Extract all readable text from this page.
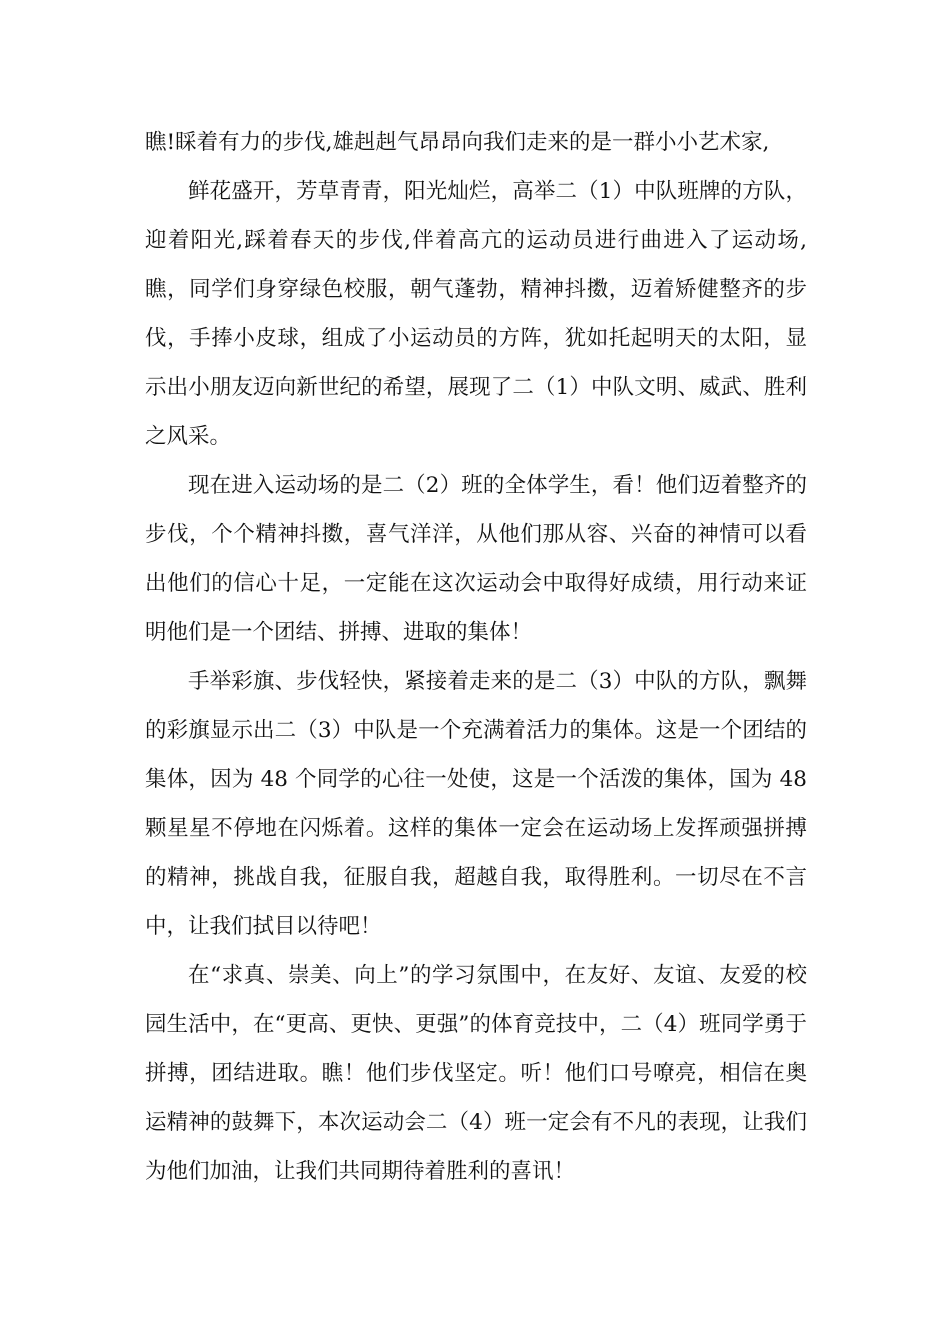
瞧!睬着有力的步伐,雄赳赳气昂昂向我们走来的是一群小小艺术家,

鲜花盛开，芳草青青，阳光灿烂，高举二（1）中队班牌的方队，迎着阳光,踩着春天的步伐,伴着高亢的运动员进行曲进入了运动场,瞧，同学们身穿绿色校服，朝气蓬勃，精神抖擞，迈着矫健整齐的步伐，手捧小皮球，组成了小运动员的方阵，犹如托起明天的太阳，显示出小朋友迈向新世纪的希望，展现了二（1）中队文明、威武、胜利之风采。

现在进入运动场的是二（2）班的全体学生，看！他们迈着整齐的步伐，个个精神抖擞，喜气洋洋，从他们那从容、兴奋的神情可以看出他们的信心十足，一定能在这次运动会中取得好成绩，用行动来证明他们是一个团结、拼搏、进取的集体！

手举彩旗、步伐轻快，紧接着走来的是二（3）中队的方队，飘舞的彩旗显示出二（3）中队是一个充满着活力的集体。这是一个团结的集体，因为 48 个同学的心往一处使，这是一个活泼的集体，国为 48 颗星星不停地在闪烁着。这样的集体一定会在运动场上发挥顽强拼搏的精神，挑战自我，征服自我，超越自我，取得胜利。一切尽在不言中，让我们拭目以待吧！

在“求真、崇美、向上”的学习氛围中，在友好、友谊、友爱的校园生活中，在“更高、更快、更强”的体育竞技中，二（4）班同学勇于拼搏，团结进取。瞧！他们步伐坚定。听！他们口号嘹亮，相信在奥运精神的鼓舞下，本次运动会二（4）班一定会有不凡的表现，让我们为他们加油，让我们共同期待着胜利的喜讯！
